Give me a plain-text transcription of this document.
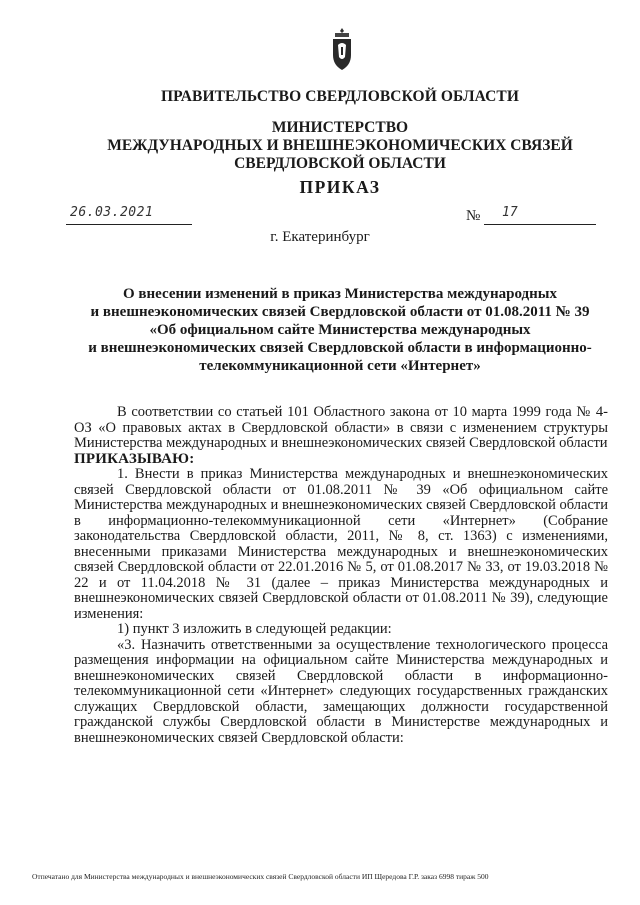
ПРАВИТЕЛЬСТВО СВЕРДЛОВСКОЙ ОБЛАСТИ
МИНИСТЕРСТВО
МЕЖДУНАРОДНЫХ И ВНЕШНЕЭКОНОМИЧЕСКИХ СВЯЗЕЙ
СВЕРДЛОВСКОЙ ОБЛАСТИ
ПРИКАЗ
26.03.2021	№ 17
г. Екатеринбург
О внесении изменений в приказ Министерства международных
и внешнеэкономических связей Свердловской области от 01.08.2011 № 39
«Об официальном сайте Министерства международных
и внешнеэкономических связей Свердловской области в информационно-
телекоммуникационной сети «Интернет»

В соответствии со статьей 101 Областного закона от 10 марта 1999 года № 4-ОЗ «О правовых актах в Свердловской области» в связи с изменением структуры Министерства международных и внешнеэкономических связей Свердловской области

ПРИКАЗЫВАЮ:

1. Внести в приказ Министерства международных и внешнеэкономических связей Свердловской области от 01.08.2011 № 39 «Об официальном сайте Министерства международных и внешнеэкономических связей Свердловской области в информационно-телекоммуникационной сети «Интернет» (Собрание законодательства Свердловской области, 2011, № 8, ст. 1363) с изменениями, внесенными приказами Министерства международных и внешнеэкономических связей Свердловской области от 22.01.2016 № 5, от 01.08.2017 № 33, от 19.03.2018 № 22 и от 11.04.2018 № 31 (далее – приказ Министерства международных и внешнеэкономических связей Свердловской области от 01.08.2011 № 39), следующие изменения:

1) пункт 3 изложить в следующей редакции:

«3. Назначить ответственными за осуществление технологического процесса размещения информации на официальном сайте Министерства международных и внешнеэкономических связей Свердловской области в информационно-телекоммуникационной сети «Интернет» следующих государственных гражданских служащих Свердловской области, замещающих должности государственной гражданской службы Свердловской области в Министерстве международных и внешнеэкономических связей Свердловской области:

Отпечатано для Министерства международных и внешнеэкономических связей Свердловской области ИП Щередова Г.Р. заказ 6998 тираж 500
